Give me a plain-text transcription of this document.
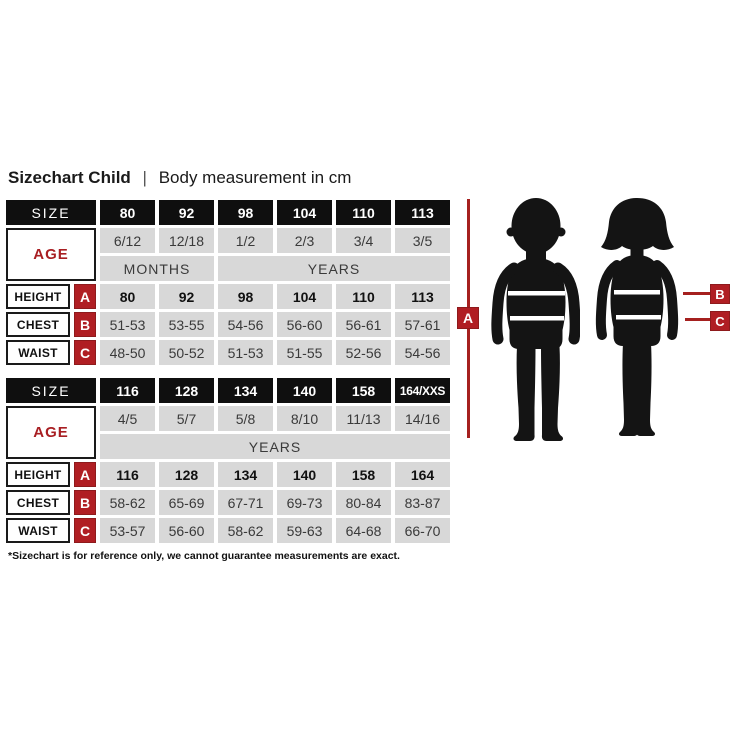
Sizechart Child | Body measurement in cm
SIZE	80	92	98	104	110	113
AGE
6/12	12/18	1/2	2/3	3/4	3/5
MONTHS	YEARS
HEIGHT	A	80	92	98	104	110	113
CHEST	B	51-53	53-55	54-56	56-60	56-61	57-61
WAIST	C	48-50	50-52	51-53	51-55	52-56	54-56
SIZE	116	128	134	140	158	164/XXS
AGE
4/5	5/7	5/8	8/10	11/13	14/16
YEARS
HEIGHT	A	116	128	134	140	158	164
CHEST	B	58-62	65-69	67-71	69-73	80-84	83-87
WAIST	C	53-57	56-60	58-62	59-63	64-68	66-70
*Sizechart is for reference only, we cannot guarantee measurements are exact.
A
B
C
